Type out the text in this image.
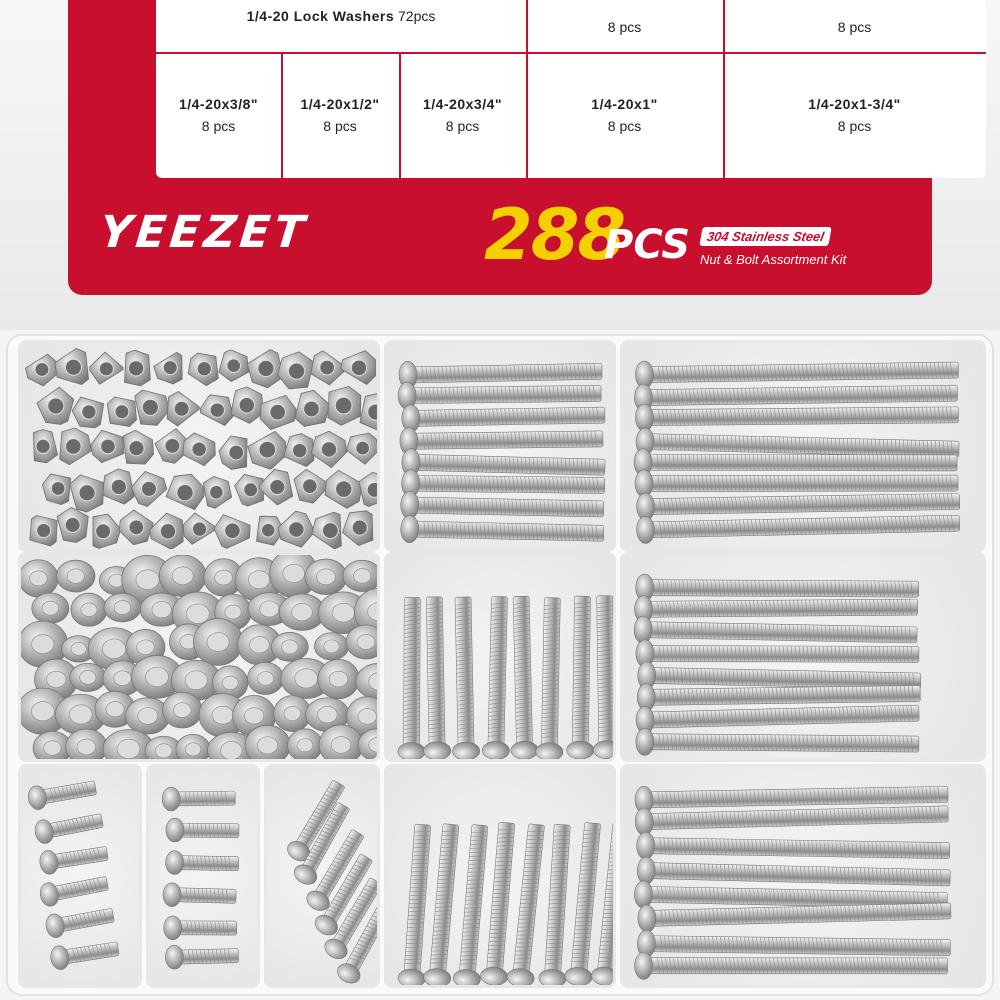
1/4-20 Lock Washers 72pcs
8 pcs	8 pcs
1/4-20x3/8"
8 pcs
1/4-20x1/2"
8 pcs
1/4-20x3/4"
8 pcs
1/4-20x1"
8 pcs
1/4-20x1-3/4"
8 pcs
YEEZET 288
PCS	304 Stainless Steel
Nut & Bolt Assortment Kit
